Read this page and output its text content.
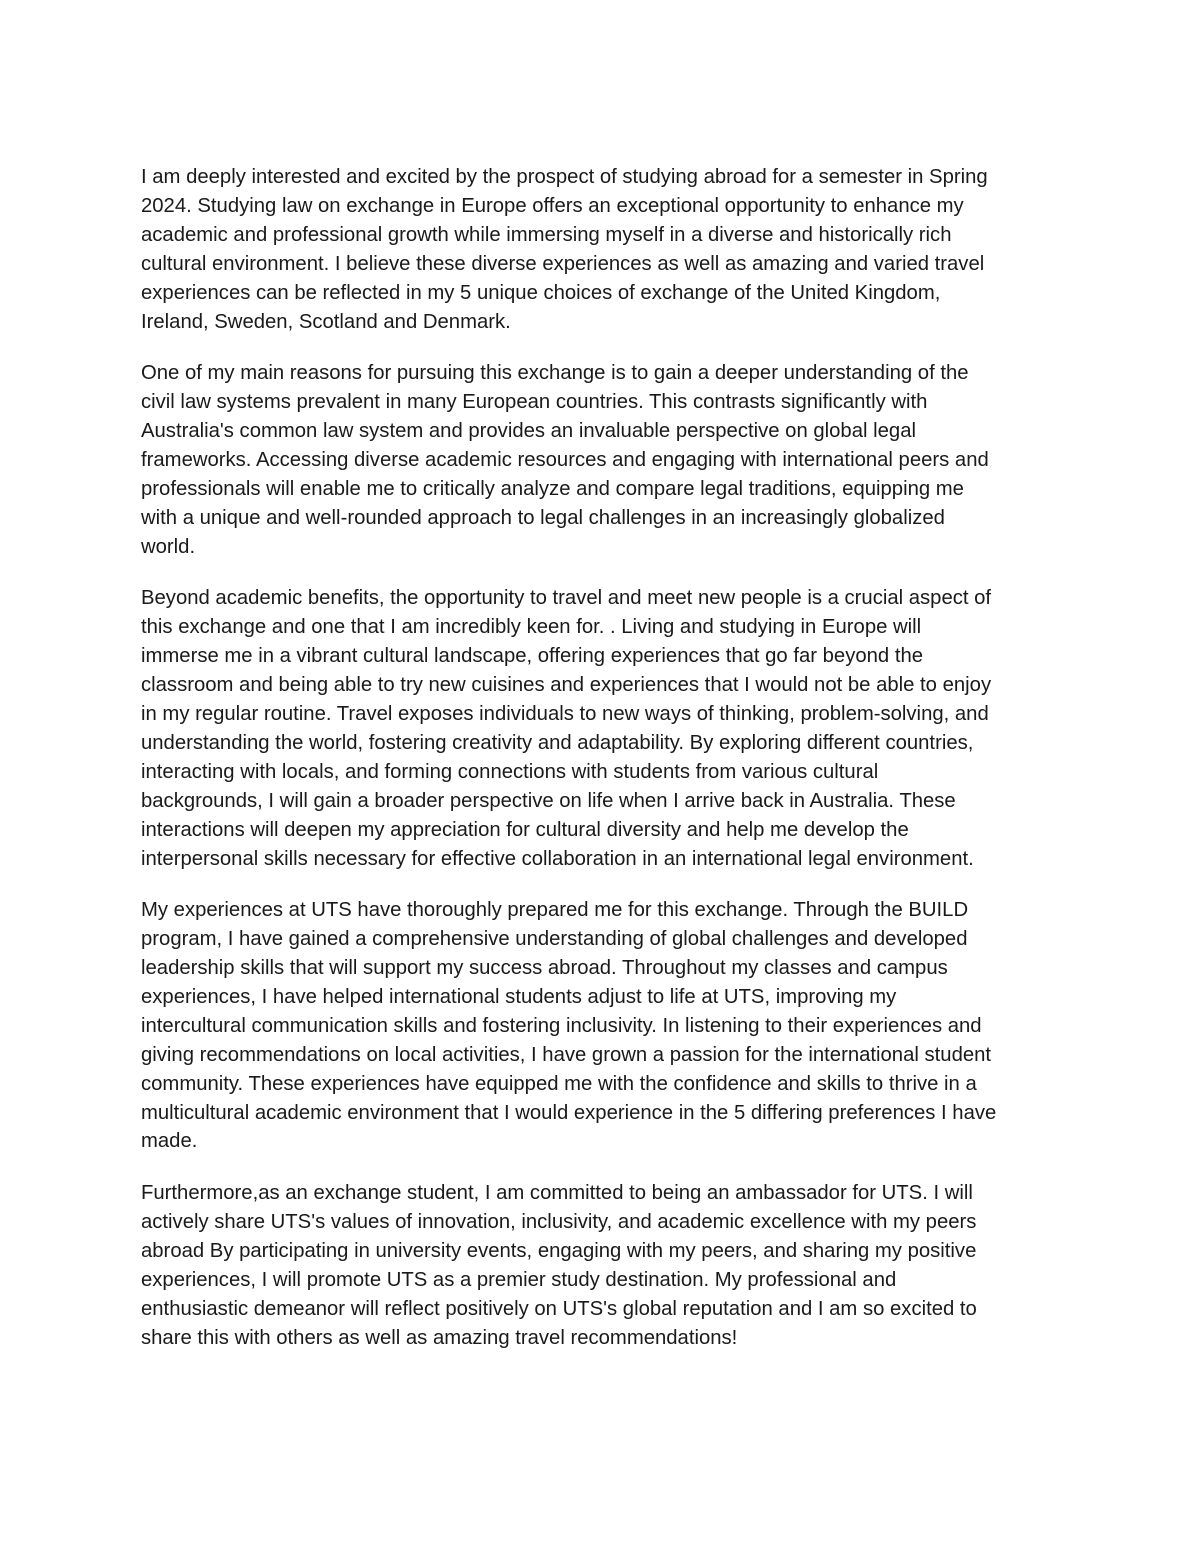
I am deeply interested and excited by the prospect of studying abroad for a semester in Spring
2024. Studying law on exchange in Europe offers an exceptional opportunity to enhance my
academic and professional growth while immersing myself in a diverse and historically rich
cultural environment. I believe these diverse experiences as well as amazing and varied travel
experiences can be reflected in my 5 unique choices of exchange of the United Kingdom,
Ireland, Sweden, Scotland and Denmark.

One of my main reasons for pursuing this exchange is to gain a deeper understanding of the
civil law systems prevalent in many European countries. This contrasts significantly with
Australia's common law system and provides an invaluable perspective on global legal
frameworks. Accessing diverse academic resources and engaging with international peers and
professionals will enable me to critically analyze and compare legal traditions, equipping me
with a unique and well-rounded approach to legal challenges in an increasingly globalized
world.

Beyond academic benefits, the opportunity to travel and meet new people is a crucial aspect of
this exchange and one that I am incredibly keen for. . Living and studying in Europe will
immerse me in a vibrant cultural landscape, offering experiences that go far beyond the
classroom and being able to try new cuisines and experiences that I would not be able to enjoy
in my regular routine. Travel exposes individuals to new ways of thinking, problem-solving, and
understanding the world, fostering creativity and adaptability. By exploring different countries,
interacting with locals, and forming connections with students from various cultural
backgrounds, I will gain a broader perspective on life when I arrive back in Australia. These
interactions will deepen my appreciation for cultural diversity and help me develop the
interpersonal skills necessary for effective collaboration in an international legal environment.

My experiences at UTS have thoroughly prepared me for this exchange. Through the BUILD
program, I have gained a comprehensive understanding of global challenges and developed
leadership skills that will support my success abroad. Throughout my classes and campus
experiences, I have helped international students adjust to life at UTS, improving my
intercultural communication skills and fostering inclusivity. In listening to their experiences and
giving recommendations on local activities, I have grown a passion for the international student
community. These experiences have equipped me with the confidence and skills to thrive in a
multicultural academic environment that I would experience in the 5 differing preferences I have
made.

Furthermore,as an exchange student, I am committed to being an ambassador for UTS. I will
actively share UTS's values of innovation, inclusivity, and academic excellence with my peers
abroad By participating in university events, engaging with my peers, and sharing my positive
experiences, I will promote UTS as a premier study destination. My professional and
enthusiastic demeanor will reflect positively on UTS's global reputation and I am so excited to
share this with others as well as amazing travel recommendations!
